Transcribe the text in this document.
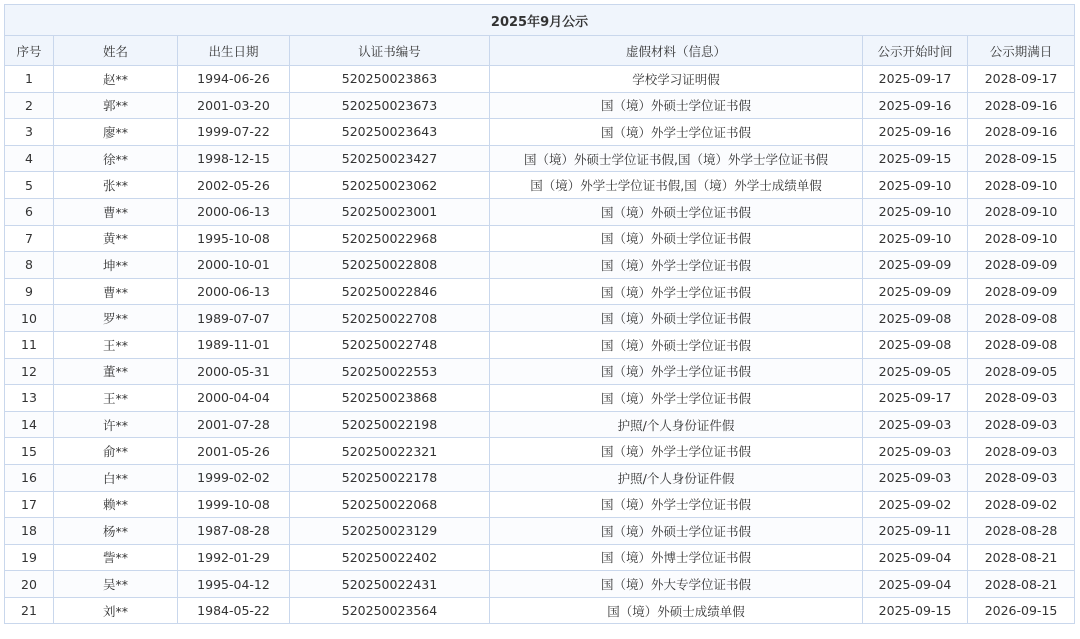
2025年9月公示						
序号	姓名	出生日期	认证书编号	虚假材料（信息）	公示开始时间	公示期满日
1	赵**	1994-06-26	520250023863	学校学习证明假	2025-09-17	2028-09-17
2	郭**	2001-03-20	520250023673	国（境）外硕士学位证书假	2025-09-16	2028-09-16
3	廖**	1999-07-22	520250023643	国（境）外学士学位证书假	2025-09-16	2028-09-16
4	徐**	1998-12-15	520250023427	国（境）外硕士学位证书假,国（境）外学士学位证书假	2025-09-15	2028-09-15
5	张**	2002-05-26	520250023062	国（境）外学士学位证书假,国（境）外学士成绩单假	2025-09-10	2028-09-10
6	曹**	2000-06-13	520250023001	国（境）外硕士学位证书假	2025-09-10	2028-09-10
7	黄**	1995-10-08	520250022968	国（境）外硕士学位证书假	2025-09-10	2028-09-10
8	坤**	2000-10-01	520250022808	国（境）外学士学位证书假	2025-09-09	2028-09-09
9	曹**	2000-06-13	520250022846	国（境）外学士学位证书假	2025-09-09	2028-09-09
10	罗**	1989-07-07	520250022708	国（境）外硕士学位证书假	2025-09-08	2028-09-08
11	王**	1989-11-01	520250022748	国（境）外硕士学位证书假	2025-09-08	2028-09-08
12	董**	2000-05-31	520250022553	国（境）外学士学位证书假	2025-09-05	2028-09-05
13	王**	2000-04-04	520250023868	国（境）外学士学位证书假	2025-09-17	2028-09-03
14	许**	2001-07-28	520250022198	护照/个人身份证件假	2025-09-03	2028-09-03
15	俞**	2001-05-26	520250022321	国（境）外学士学位证书假	2025-09-03	2028-09-03
16	白**	1999-02-02	520250022178	护照/个人身份证件假	2025-09-03	2028-09-03
17	赖**	1999-10-08	520250022068	国（境）外学士学位证书假	2025-09-02	2028-09-02
18	杨**	1987-08-28	520250023129	国（境）外硕士学位证书假	2025-09-11	2028-08-28
19	訾**	1992-01-29	520250022402	国（境）外博士学位证书假	2025-09-04	2028-08-21
20	吴**	1995-04-12	520250022431	国（境）外大专学位证书假	2025-09-04	2028-08-21
21	刘**	1984-05-22	520250023564	国（境）外硕士成绩单假	2025-09-15	2026-09-15
